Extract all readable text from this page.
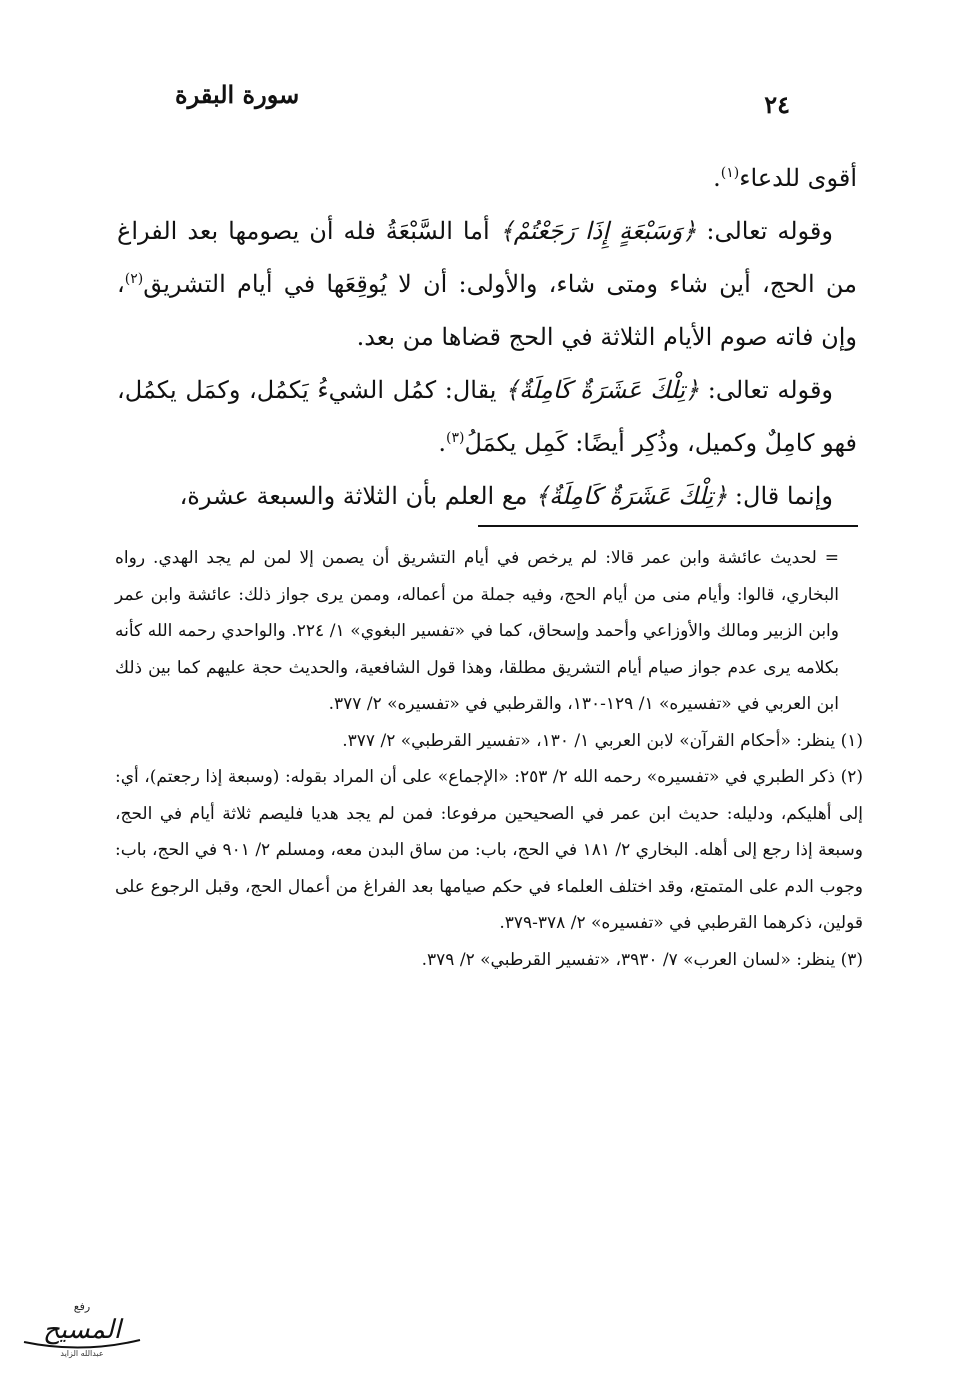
٢٤
سورة البقرة

أقوى للدعاء$^{(١)}$.

وقوله تعالى: ﴿وَسَبْعَةٍ إِذَا رَجَعْتُمْ﴾ أما السَّبْعَةُ فله أن يصومها بعد الفراغ من الحج، أين شاء ومتى شاء، والأولى: أن لا يُوقِعَها في أيام التشريق$^{(٢)}$، وإن فاته صوم الأيام الثلاثة في الحج قضاها من بعد.

وقوله تعالى: ﴿تِلْكَ عَشَرَةٌ كَامِلَةٌ﴾ يقال: كمُل الشيءُ يَكمُل، وكمَل يكمُل، فهو كامِلٌ وكميل، وذُكِر أيضًا: كَمِل يكمَلُ$^{(٣)}$.

وإنما قال: ﴿تِلْكَ عَشَرَةٌ كَامِلَةٌ﴾ مع العلم بأن الثلاثة والسبعة عشرة،

= لحديث عائشة وابن عمر قالا: لم يرخص في أيام التشريق أن يصمن إلا لمن لم يجد الهدي. رواه البخاري، قالوا: وأيام منى من أيام الحج، وفيه جملة من أعماله، وممن يرى جواز ذلك: عائشة وابن عمر وابن الزبير ومالك والأوزاعي وأحمد وإسحاق، كما في «تفسير البغوي» ١/ ٢٢٤. والواحدي رحمه الله كأنه بكلامه يرى عدم جواز صيام أيام التشريق مطلقا، وهذا قول الشافعية، والحديث حجة عليهم كما بين ذلك ابن العربي في «تفسيره» ١/ ١٢٩-١٣٠، والقرطبي في «تفسيره» ٢/ ٣٧٧.

(١) ينظر: «أحكام القرآن» لابن العربي ١/ ١٣٠، «تفسير القرطبي» ٢/ ٣٧٧.

(٢) ذكر الطبري في «تفسيره» رحمه الله ٢/ ٢٥٣: «الإجماع» على أن المراد بقوله: (وسبعة إذا رجعتم)، أي: إلى أهليكم، ودليله: حديث ابن عمر في الصحيحين مرفوعا: فمن لم يجد هديا فليصم ثلاثة أيام في الحج، وسبعة إذا رجع إلى أهله. البخاري ٢/ ١٨١ في الحج، باب: من ساق البدن معه، ومسلم ٢/ ٩٠١ في الحج، باب: وجوب الدم على المتمتع، وقد اختلف العلماء في حكم صيامها بعد الفراغ من أعمال الحج، وقبل الرجوع على قولين، ذكرهما القرطبي في «تفسيره» ٢/ ٣٧٨-٣٧٩.

(٣) ينظر: «لسان العرب» ٧/ ٣٩٣٠، «تفسير القرطبي» ٢/ ٣٧٩.

رفع
المسيح
عبدالله الزايد
